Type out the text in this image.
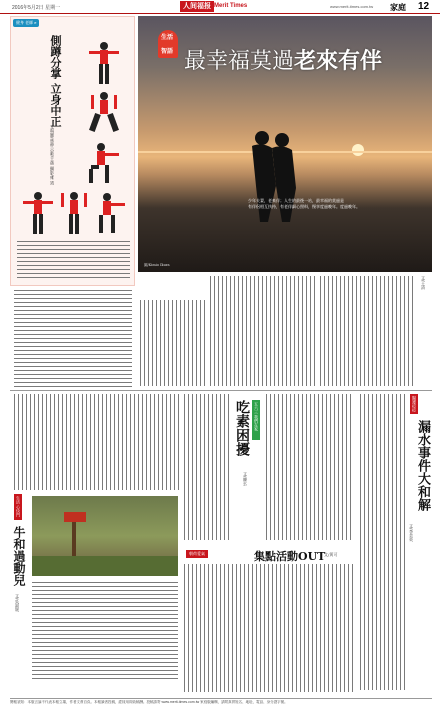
2016年5月2日 星期一	人间福报 Merit Times	www.merit-times.com.tw 家庭 12
健身 老師 e
側蹲分掌 立身中正
文與圖/林靜 示範/王蒨 攝影/雍 靖
生活
智語 最幸福莫過老來有伴
少年夫妻，老來伴；人生的最後一站，最幸福的莫過是
有伴侶相互扶持，有老伴細心照料，慢享度過晚年。度過晚年。
圖/Kimio Ikura
文/王清
醫護痘痘
漏水事件大和解
文/李美英
吃素困擾	五六三 我們在家
文/陳玄
生活 心快門
牛和過動兒
文/吳淑媛
朝荷愛氣	集點活動OUT
文/黃可
閱報須知：本版言論不代表本報立場，作者文責自負。本報讀者投稿，經採用即致稿酬。投稿請寄 www.merit-times.com.tw 家庭版編輯，請附真實姓名、地址、電話、身分證字號。
